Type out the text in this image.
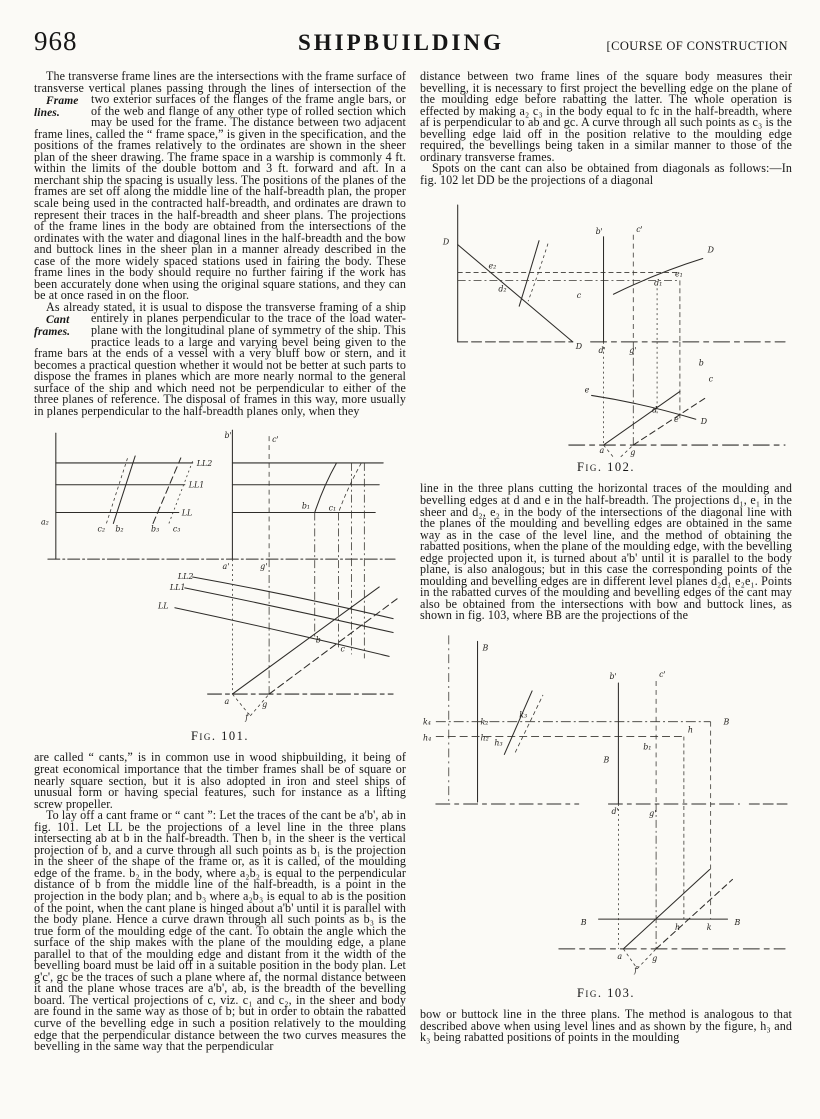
968	SHIPBUILDING	[COURSE OF CONSTRUCTION

The transverse frame lines are the intersections with the frame surface of transverse vertical planes passing through the lines of intersection of the two exterior surfaces of the flanges of the frame
Frame lines.
angle bars, or of the web and flange of any other type of rolled section which may be used for the frame. The distance between two adjacent frame lines, called the “ frame space,” is given in the specification, and the positions of the frames relatively to the ordinates are shown in the sheer plan of the sheer drawing. The frame space in a warship is commonly 4 ft. within the limits of the double bottom and 3 ft. forward and aft. In a merchant ship the spacing is usually less. The positions of the planes of the frames are set off along the middle line of the half-breadth plan, the proper scale being used in the contracted half-breadth, and ordinates are drawn to represent their traces in the half-breadth and sheer plans. The projections of the frame lines in the body are obtained from the intersections of the ordinates with the water and diagonal lines in the half-breadth and the bow and buttock lines in the sheer plan in a manner already described in the case of the more widely spaced stations used in fairing the body. These frame lines in the body should require no further fairing if the work has been accurately done when using the original square stations, and they can be at once rased in on the floor.

As already stated, it is usual to dispose the transverse framing of a ship entirely in planes perpendicular to the trace of the load
Cant frames.
water-plane with the longitudinal plane of symmetry of the ship. This practice leads to a large and varying bevel being given to the frame bars at the ends of a vessel with a very bluff bow or stern, and it becomes a practical question whether it would not be better at such parts to dispose the frames in planes which are more nearly normal to the general surface of the ship and which need not be perpendicular to either of the three planes of reference. The disposal of frames in this way, more usually in planes perpendicular to the half-breadth planes only, when they

b'	c'
LL2
LL1
LL
a₂
c₂ b₂	b₃ c₃
a'	g'
b₁ c₁
LL2
LL1
LL
b
c
a	g
f
Fig. 101.

are called “ cants,” is in common use in wood shipbuilding, it being of great economical importance that the timber frames shall be of square or nearly square section, but it is also adopted in iron and steel ships of unusual form or having special features, such for instance as a lifting screw propeller.

To lay off a cant frame or “ cant ”: Let the traces of the cant be a'b', ab in fig. 101. Let LL be the projections of a level line in the three plans intersecting ab at b in the half-breadth. Then b₁ in the sheer is the vertical projection of b, and a curve through all such points as b₁ is the projection in the sheer of the shape of the frame or, as it is called, of the moulding edge of the frame. b₂ in the body, where a₂b₂ is equal to the perpendicular distance of b from the middle line of the half-breadth, is a point in the projection in the body plan; and b₃ where a₂b₃ is equal to ab is the position of the point, when the cant plane is hinged about a'b' until it is parallel with the body plane. Hence a curve drawn through all such points as b₃ is the true form of the moulding edge of the cant. To obtain the angle which the surface of the ship makes with the plane of the moulding edge, a plane parallel to that of the moulding edge and distant from it the width of the bevelling board must be laid off in a suitable position in the body plan. Let g'c', gc be the traces of such a plane where af, the normal distance between it and the plane whose traces are a'b', ab, is the breadth of the bevelling board. The vertical projections of c, viz. c₁ and c₂, in the sheer and body are found in the same way as those of b; but in order to obtain the rabatted curve of the bevelling edge in such a position relatively to the moulding edge that the perpendicular distance between the two curves measures the bevelling in the same way that the perpendicular

distance between two frame lines of the square body measures their bevelling, it is necessary to first project the bevelling edge on the plane of the moulding edge before rabatting the latter. The whole operation is effected by making a₂ c₃ in the body equal to fc in the half-breadth, where af is perpendicular to ab and gc. A curve through all such points as c₃ is the bevelling edge laid off in the position relative to the moulding edge required, the bevellings being taken in a similar manner to those of the ordinary transverse frames.

Spots on the cant can also be obtained from diagonals as follows:—In fig. 102 let DD be the projections of a diagonal

D
e₂
d₂
c
D
b'	c'
d'	g'
D
d₁
e₁
b
c
e
D
d
e
a	g
Fig. 102.

line in the three plans cutting the horizontal traces of the moulding and bevelling edges at d and e in the half-breadth. The projections d₁, e₁ in the sheer and d₂, e₂ in the body of the intersections of the diagonal line with the planes of the moulding and bevelling edges are obtained in the same way as in the case of the level line, and the method of obtaining the rabatted positions, when the plane of the moulding edge, with the bevelling edge projected upon it, is turned about a'b' until it is parallel to the body plane, is also analogous; but in this case the corresponding points of the moulding and bevelling edges are in different level planes d₂d₁ e₂e₁. Points in the rabatted curves of the moulding and bevelling edges of the cant may also be obtained from the intersections with bow and buttock lines, as shown in fig. 103, where BB are the projections of the

B
k₄
h₄
k₂
h₂
k₃
h₃
b'	c'
B
h
B
b₁
d'	g'
B	B
h	k
a	g
f
Fig. 103.

bow or buttock line in the three plans. The method is analogous to that described above when using level lines and as shown by the figure, h₃ and k₃ being rabatted positions of points in the moulding
